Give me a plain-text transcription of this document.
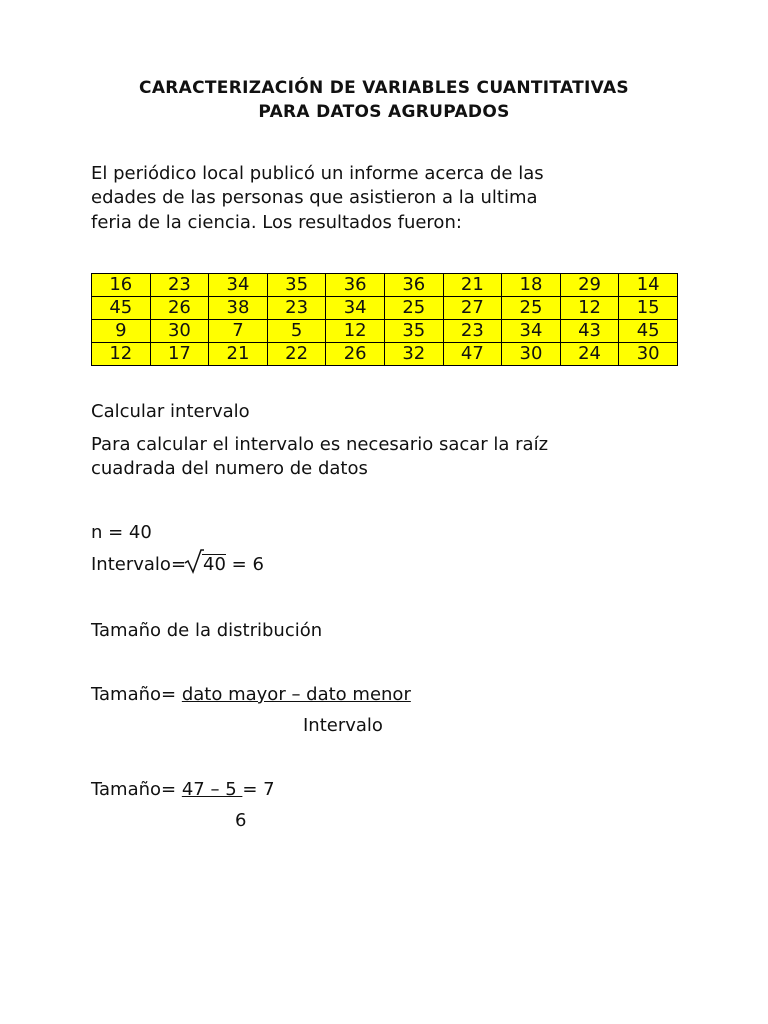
CARACTERIZACIÓN DE VARIABLES CUANTITATIVAS
PARA DATOS AGRUPADOS
El periódico local publicó un informe acerca de las
edades de las personas que asistieron a la ultima
feria de la ciencia. Los resultados fueron:
16	23	34	35	36	36	21	18	29	14
45	26	38	23	34	25	27	25	12	15
9	30	7	5	12	35	23	34	43	45
12	17	21	22	26	32	47	30	24	30
Calcular intervalo
Para calcular el intervalo es necesario sacar la raíz
cuadrada del numero de datos
n = 40
Intervalo= 40 = 6
Tamaño de la distribución
Tamaño= dato mayor – dato menor
Intervalo
Tamaño= 47 – 5 = 7
6
